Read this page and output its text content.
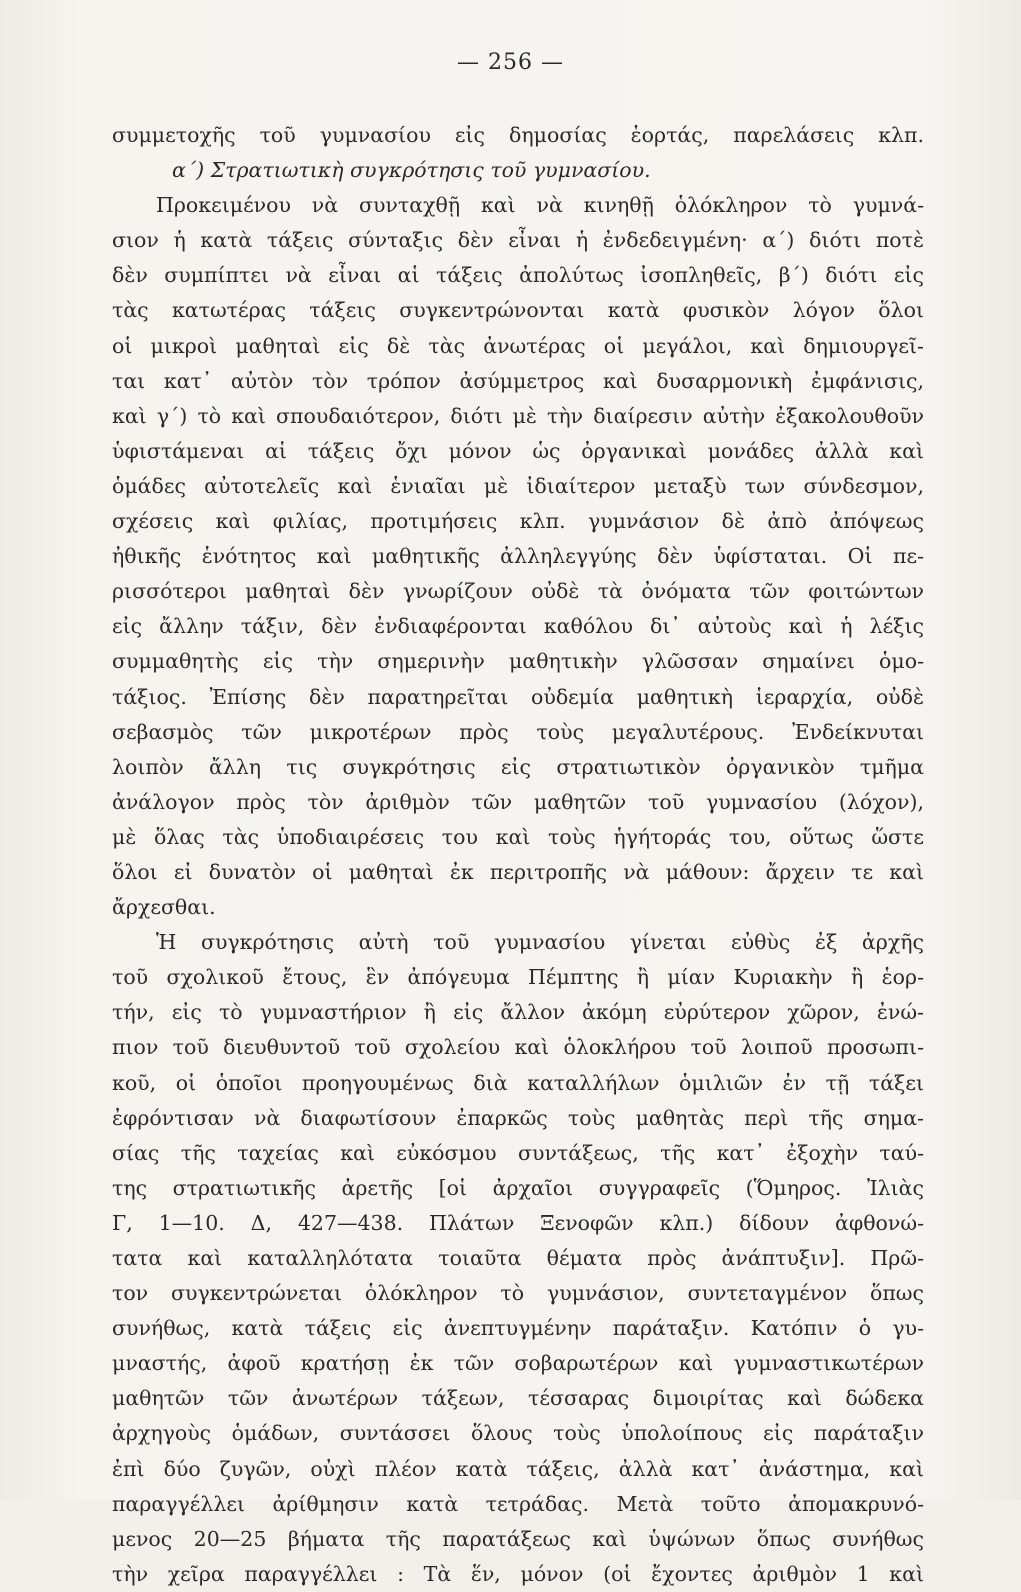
— 256 —
συμμετοχῆς τοῦ γυμνασίου εἰς δημοσίας ἑορτάς, παρελάσεις κλπ.
α΄) Στρατιωτικὴ συγκρότησις τοῦ γυμνασίου.
Προκειμένου νὰ συνταχθῇ καὶ νὰ κινηθῇ ὁλόκληρον τὸ γυμνά-
σιον ἡ κατὰ τάξεις σύνταξις δὲν εἶναι ἡ ἐνδεδειγμένη· α΄) διότι ποτὲ
δὲν συμπίπτει νὰ εἶναι αἱ τάξεις ἀπολύτως ἰσοπληθεῖς, β΄) διότι εἰς
τὰς κατωτέρας τάξεις συγκεντρώνονται κατὰ φυσικὸν λόγον ὅλοι
οἱ μικροὶ μαθηταὶ εἰς δὲ τὰς ἀνωτέρας οἱ μεγάλοι, καὶ δημιουργεῖ-
ται κατ᾽ αὐτὸν τὸν τρόπον ἀσύμμετρος καὶ δυσαρμονικὴ ἐμφάνισις,
καὶ γ΄) τὸ καὶ σπουδαιότερον, διότι μὲ τὴν διαίρεσιν αὐτὴν ἐξακολουθοῦν
ὑφιστάμεναι αἱ τάξεις ὄχι μόνον ὡς ὀργανικαὶ μονάδες ἀλλὰ καὶ
ὁμάδες αὐτοτελεῖς καὶ ἑνιαῖαι μὲ ἰδιαίτερον μεταξὺ των σύνδεσμον,
σχέσεις καὶ φιλίας, προτιμήσεις κλπ. γυμνάσιον δὲ ἀπὸ ἀπόψεως
ἠθικῆς ἑνότητος καὶ μαθητικῆς ἀλληλεγγύης δὲν ὑφίσταται. Οἱ πε-
ρισσότεροι μαθηταὶ δὲν γνωρίζουν οὐδὲ τὰ ὀνόματα τῶν φοιτώντων
εἰς ἄλλην τάξιν, δὲν ἐνδιαφέρονται καθόλου δι᾽ αὐτοὺς καὶ ἡ λέξις
συμμαθητὴς εἰς τὴν σημερινὴν μαθητικὴν γλῶσσαν σημαίνει ὁμο-
τάξιος. Ἐπίσης δὲν παρατηρεῖται οὐδεμία μαθητικὴ ἱεραρχία, οὐδὲ
σεβασμὸς τῶν μικροτέρων πρὸς τοὺς μεγαλυτέρους. Ἐνδείκνυται
λοιπὸν ἄλλη τις συγκρότησις εἰς στρατιωτικὸν ὀργανικὸν τμῆμα
ἀνάλογον πρὸς τὸν ἀριθμὸν τῶν μαθητῶν τοῦ γυμνασίου (λόχον),
μὲ ὅλας τὰς ὑποδιαιρέσεις του καὶ τοὺς ἡγήτοράς του, οὕτως ὥστε
ὅλοι εἰ δυνατὸν οἱ μαθηταὶ ἐκ περιτροπῆς νὰ μάθουν: ἄρχειν τε καὶ
ἄρχεσθαι.
Ἡ συγκρότησις αὐτὴ τοῦ γυμνασίου γίνεται εὐθὺς ἐξ ἀρχῆς
τοῦ σχολικοῦ ἔτους, ἓν ἀπόγευμα Πέμπτης ἢ μίαν Κυριακὴν ἢ ἑορ-
τήν, εἰς τὸ γυμναστήριον ἢ εἰς ἄλλον ἀκόμη εὐρύτερον χῶρον, ἐνώ-
πιον τοῦ διευθυντοῦ τοῦ σχολείου καὶ ὁλοκλήρου τοῦ λοιποῦ προσωπι-
κοῦ, οἱ ὁποῖοι προηγουμένως διὰ καταλλήλων ὁμιλιῶν ἐν τῇ τάξει
ἐφρόντισαν νὰ διαφωτίσουν ἐπαρκῶς τοὺς μαθητὰς περὶ τῆς σημα-
σίας τῆς ταχείας καὶ εὐκόσμου συντάξεως, τῆς κατ᾽ ἐξοχὴν ταύ-
της στρατιωτικῆς ἀρετῆς [οἱ ἀρχαῖοι συγγραφεῖς (Ὅμηρος. Ἰλιὰς
Γ, 1—10. Δ, 427—438. Πλάτων Ξενοφῶν κλπ.) δίδουν ἀφθονώ-
τατα καὶ καταλληλότατα τοιαῦτα θέματα πρὸς ἀνάπτυξιν]. Πρῶ-
τον συγκεντρώνεται ὁλόκληρον τὸ γυμνάσιον, συντεταγμένον ὅπως
συνήθως, κατὰ τάξεις εἰς ἀνεπτυγμένην παράταξιν. Κατόπιν ὁ γυ-
μναστής, ἀφοῦ κρατήσῃ ἐκ τῶν σοβαρωτέρων καὶ γυμναστικωτέρων
μαθητῶν τῶν ἀνωτέρων τάξεων, τέσσαρας διμοιρίτας καὶ δώδεκα
ἀρχηγοὺς ὁμάδων, συντάσσει ὅλους τοὺς ὑπολοίπους εἰς παράταξιν
ἐπὶ δύο ζυγῶν, οὐχὶ πλέον κατὰ τάξεις, ἀλλὰ κατ᾽ ἀνάστημα, καὶ
παραγγέλλει ἀρίθμησιν κατὰ τετράδας. Μετὰ τοῦτο ἀπομακρυνό-
μενος 20—25 βήματα τῆς παρατάξεως καὶ ὑψώνων ὅπως συνήθως
τὴν χεῖρα παραγγέλλει : Τὰ ἕν, μόνον (οἱ ἔχοντες ἀριθμὸν 1 καὶ
